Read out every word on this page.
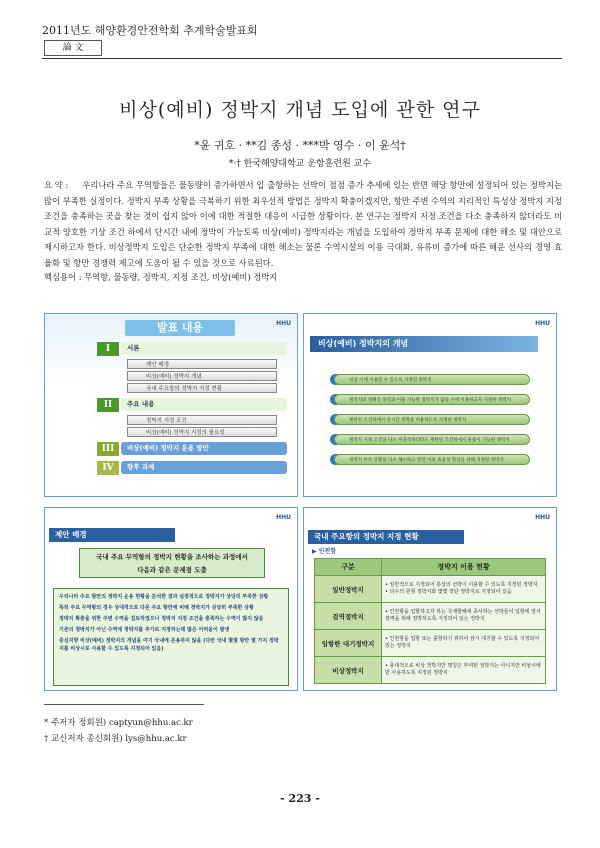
2011년도 해양환경안전학회 추계학술발표회
論 文
비상(예비) 정박지 개념 도입에 관한 연구
*윤 귀호 · **김 종성 · ***박 영수 · 이 윤석†
*·† 한국해양대학교 운항훈련원 교수
요 약 : 우리나라 주요 무역항들은 물동량이 증가하면서 입 출항하는 선박이 점점 증가 추세에 있는 반면 해당 항만에 설정되어 있는 정박지는 많이 부족한 실정이다. 정박지 부족 상황을 극복하기 위한 최우선적 방법은 정박지 확충이겠지만, 항만 주변 수역의 지리적인 특성상 정박지 지정 조건을 충족하는 곳을 찾는 것이 쉽지 않아 이에 대한 적절한 대응이 시급한 상황이다. 본 연구는 정박지 지정 조건을 다소 충족하지 않더라도 비교적 양호한 기상 조건 하에서 단시간 내에 정박이 가능토록 비상(예비) 정박지라는 개념을 도입하여 정박지 부족 문제에 대한 해소 및 대안으로 제시하고자 한다. 비상정박지 도입은 단순한 정박지 부족에 대한 해소는 물론 수역시설의 이용 극대화, 유류비 증가에 따른 해운 선사의 경영 효율화 및 항만 경쟁력 제고에 도움이 될 수 있을 것으로 사료된다.
핵심용어 : 무역항, 물동량, 정박지, 지정 조건, 비상(예비) 정박지
발표 내용	HHU
I	서론
제안 배경
비상(예비) 정박지 개념
국내 주요항의 정박지 지정 현황
II	주요 내용
정박지 지정 조건
비상(예비) 정박지 지정의 필요성
III	비상(예비) 정박지 운용 방안
IV	향후 과제
HHU
비상(예비) 정박지의 개념
비상 시에 이용할 수 있도록 지정된 정박지
정박지의 정해진 목적과 이용 가능한 정박지가 없을 시에 이용하고자 지정한 정박지
제한된 조건하에서 단시간 정박을 허용하도록 지정한 정박지
정박지 지정 조건을 다소 미충족하더라도 제한된 조건하에서 운용이 가능한 정박지
정박지 부족 상황을 다소 해소하고 항만 이용 효율성 향상을 위해 지정한 정박지
HHU
제안 배경
국내 주요 무역항의 정박지 현황을 조사하는 과정에서
다음과 같은 문제점 도출

우리나라 주요 항만의 정박지 운용 현황을 분석한 결과 실정적으로 정박지가 상당히 부족한 상황

특히 주요 무역항의 경우 상대적으로 다른 주요 항만에 비해 정박지가 상당히 부족한 상황

정박지 확충을 위한 주변 수역을 검토하였으나 정박지 지정 조건을 충족하는 수역이 많지 않음

기존의 정박지가 아닌 수역에 정박지를 추가로 지정하는데 많은 어려움이 발생

중심지향 비상(예비) 정박지의 개념을 여기 국내에 준용하지 않을 (다만 국내 몇몇 항만 몇 가지 정박지를 비상시로 사용할 수 있도록 지정되어 있음)

HHU
국내 주요항의 정박지 지정 현황
▶ 인천항
구분	정박지 이용 현황
일반정박지	• 일반적으로 지정되어 통상의 선박이 이용할 수 있도록 지정된 정박지 • 다수의 원형 정박지와 몇몇 장단 정박지로 지정되어 있음
검역정박지	• 인천항을 입항하고자 하는 국제항해에 종사하는 선박들이 입항에 앞서 검역을 위해 정박하도록 지정되어 있는 정박지
임항한 대기정박지	• 인천항을 입항 또는 출항하기 위하여 잠시 대기할 수 있도록 지정되어 있는 정박지
비상정박지	• 풍대적으로 비상 정박지만 명칭은 부여된 정박지는 아니지만 비상시에만 사용하도록 지정된 정박지
* 주저자 정회원) captyun@hhu.ac.kr
† 교신저자 종신회원) lys@hhu.ac.kr
- 223 -
